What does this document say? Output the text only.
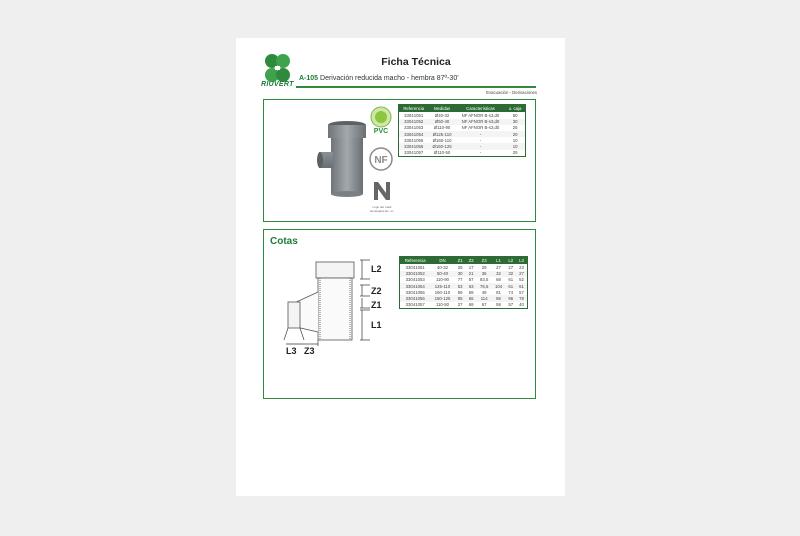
RIUVERT
Ficha Técnica
A-105 Derivación reducida macho - hembra 87º-30'
Evacuación - Derivaciones
PVC
NF
Logo del mark Geneaplus Ex. s.l.
Referencia	Medidas	Características	u. caja
33041051	Ø40-32	NF AFNOR B-s3,d0	50
33041052	Ø50-40	NF AFNOR B-s3,d0	30
33041053	Ø110-90	NF AFNOR B-s3,d0	25
33041054	Ø125-110	-	20
33041055	Ø160-110	-	10
33041056	Ø160-125	-	10
33041057	Ø110-50	-	25
Cotas
L2
Z2
Z1
L1
L3 Z3
Referencia	DN	Z1	Z2	Z3	L1	L2	L3
33041051	40-32	25	17	29	27	27	23
33041052	50-40	30	21	36	32	32	27
33041053	110-90	77	57	83,5	68	61	52
33041054	125-110	53	63	75,5	104	61	61
33041055	160-110	59	69	48	81	74	57
33041056	160-125	95	66	114	86	96	78
33041057	110-50	27	69	67	58	57	40
